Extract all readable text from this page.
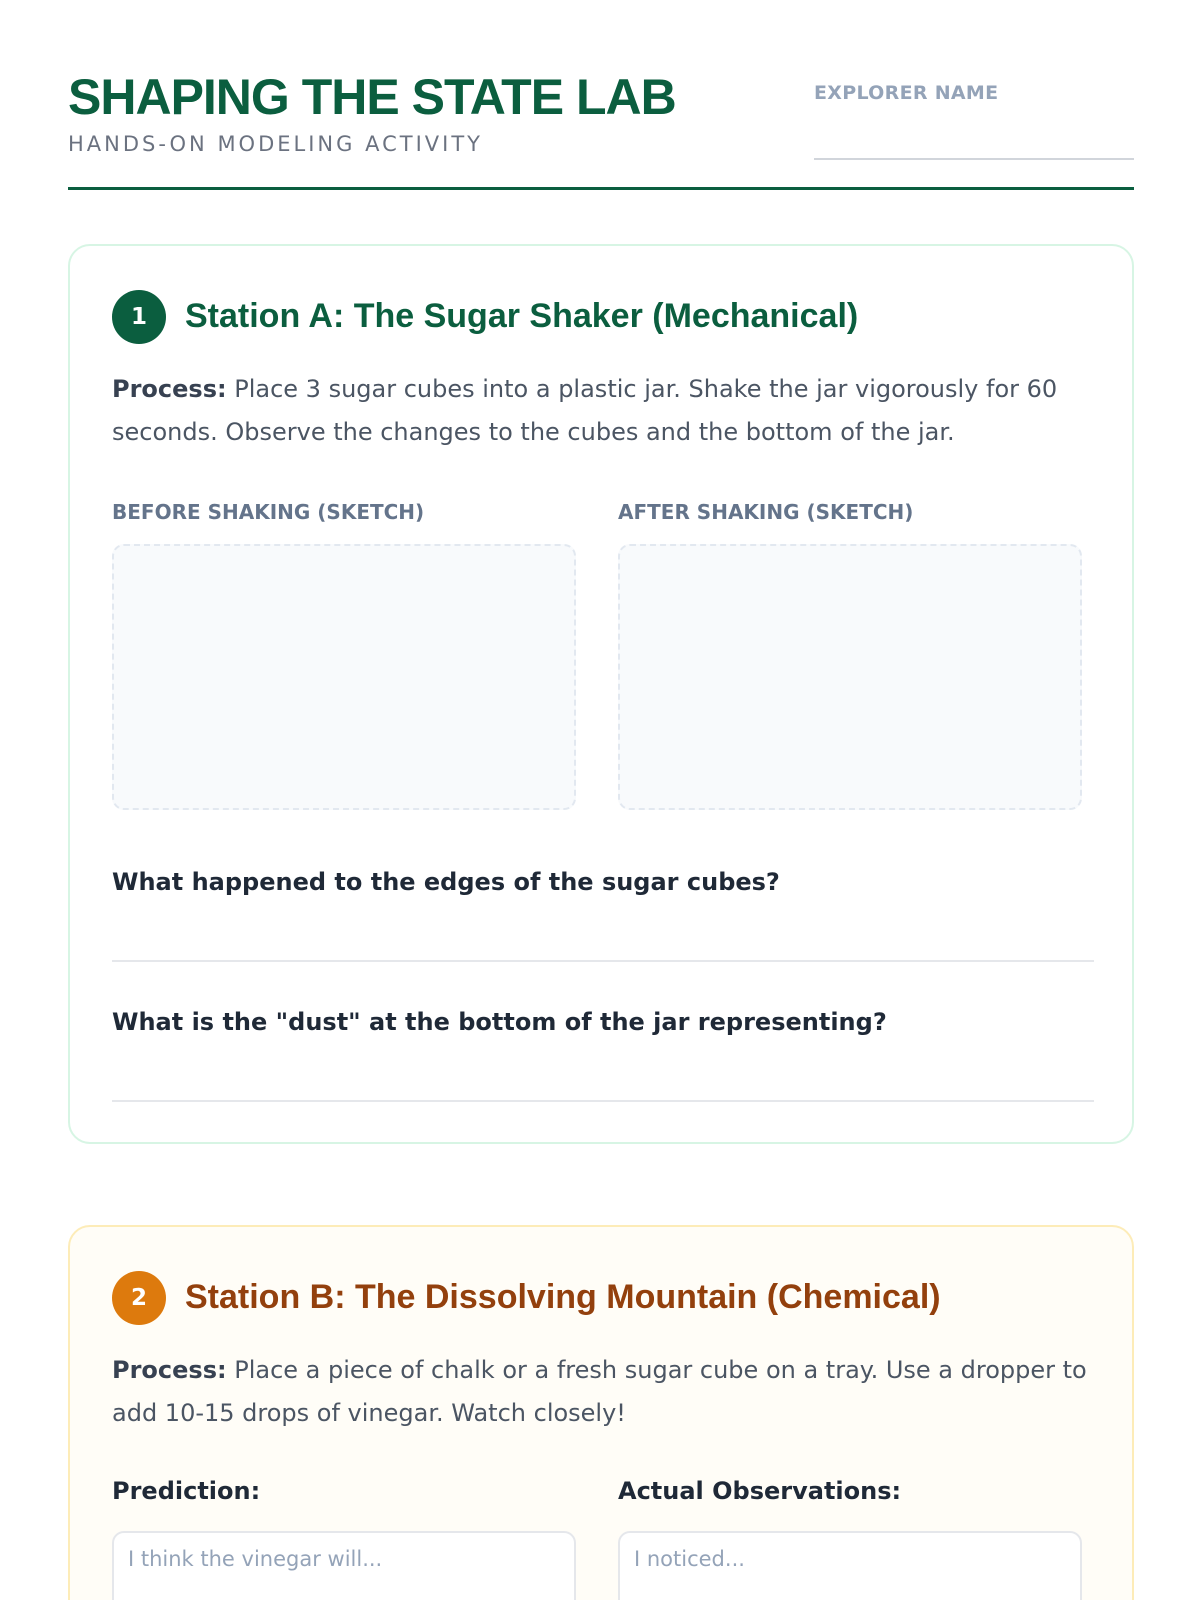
SHAPING THE STATE LAB
HANDS-ON MODELING ACTIVITY
EXPLORER NAME
1	Station A: The Sugar Shaker (Mechanical)
Process: Place 3 sugar cubes into a plastic jar. Shake the jar vigorously for 60 seconds. Observe the changes to the cubes and the bottom of the jar.
BEFORE SHAKING (SKETCH)	AFTER SHAKING (SKETCH)
What happened to the edges of the sugar cubes?
What is the "dust" at the bottom of the jar representing?
2	Station B: The Dissolving Mountain (Chemical)
Process: Place a piece of chalk or a fresh sugar cube on a tray. Use a dropper to add 10-15 drops of vinegar. Watch closely!
Prediction:	Actual Observations:
I think the vinegar will...
I noticed...
